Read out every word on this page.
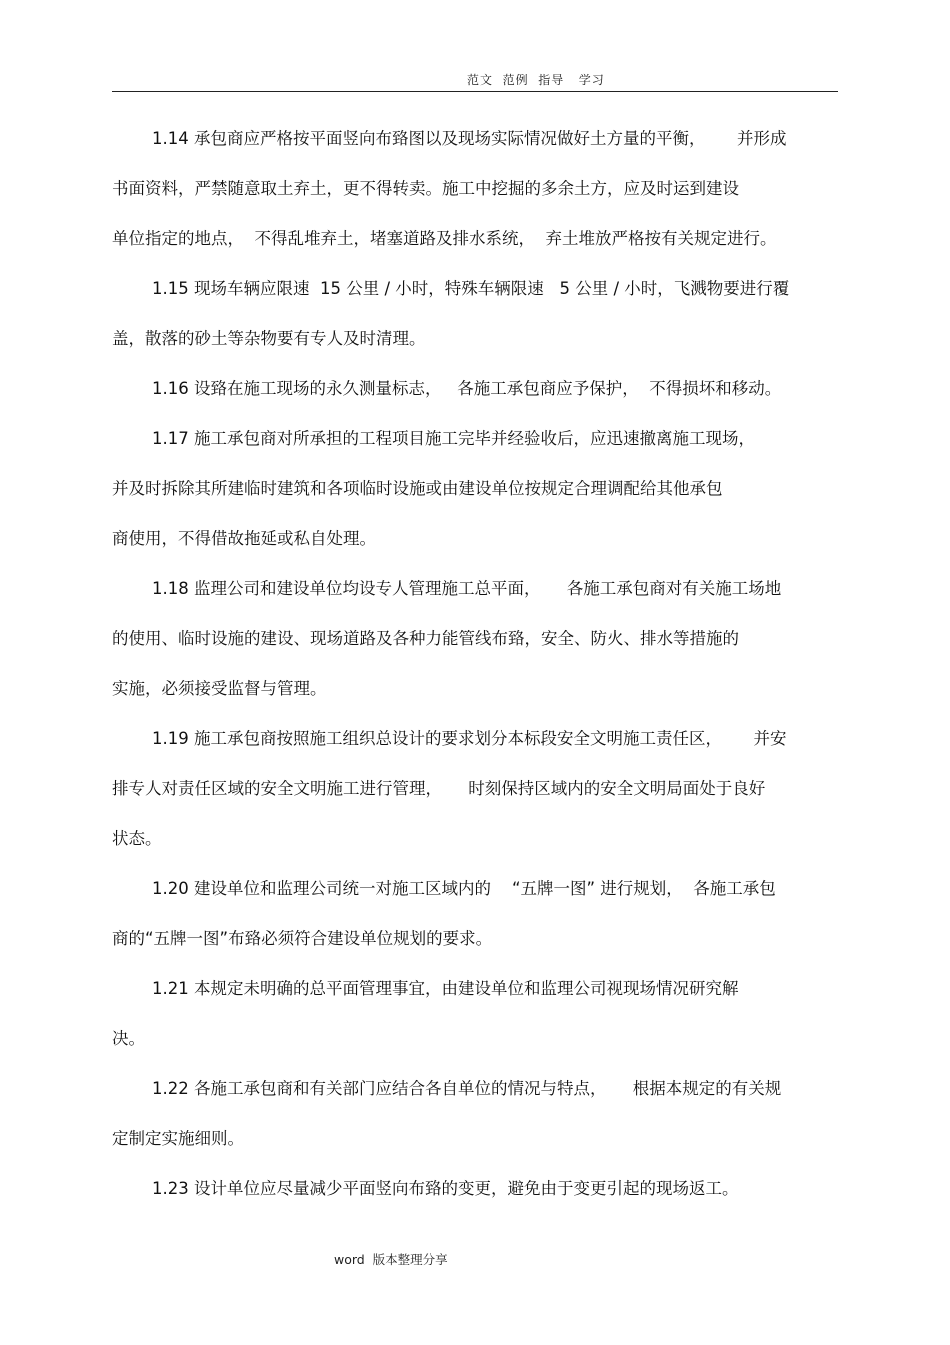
范文  范例  指导   学习
1.14 承包商应严格按平面竖向布臵图以及现场实际情况做好土方量的平衡，      并形成
书面资料，严禁随意取土弃土，更不得转卖。施工中挖掘的多余土方，应及时运到建设
单位指定的地点，  不得乱堆弃土，堵塞道路及排水系统，  弃土堆放严格按有关规定进行。
1.15 现场车辆应限速  15 公里 / 小时，特殊车辆限速   5 公里 / 小时，飞溅物要进行覆
盖，散落的砂土等杂物要有专人及时清理。
1.16 设臵在施工现场的永久测量标志，   各施工承包商应予保护，  不得损坏和移动。
1.17 施工承包商对所承担的工程项目施工完毕并经验收后，应迅速撤离施工现场，
并及时拆除其所建临时建筑和各项临时设施或由建设单位按规定合理调配给其他承包
商使用，不得借故拖延或私自处理。
1.18 监理公司和建设单位均设专人管理施工总平面，     各施工承包商对有关施工场地
的使用、临时设施的建设、现场道路及各种力能管线布臵，安全、防火、排水等措施的
实施，必须接受监督与管理。
1.19 施工承包商按照施工组织总设计的要求划分本标段安全文明施工责任区，      并安
排专人对责任区域的安全文明施工进行管理，     时刻保持区域内的安全文明局面处于良好
状态。
1.20 建设单位和监理公司统一对施工区域内的    “五牌一图” 进行规划，  各施工承包
商的“五牌一图”布臵必须符合建设单位规划的要求。
1.21 本规定未明确的总平面管理事宜，由建设单位和监理公司视现场情况研究解
决。
1.22 各施工承包商和有关部门应结合各自单位的情况与特点，     根据本规定的有关规
定制定实施细则。
1.23 设计单位应尽量减少平面竖向布臵的变更，避免由于变更引起的现场返工。
word  版本整理分享
